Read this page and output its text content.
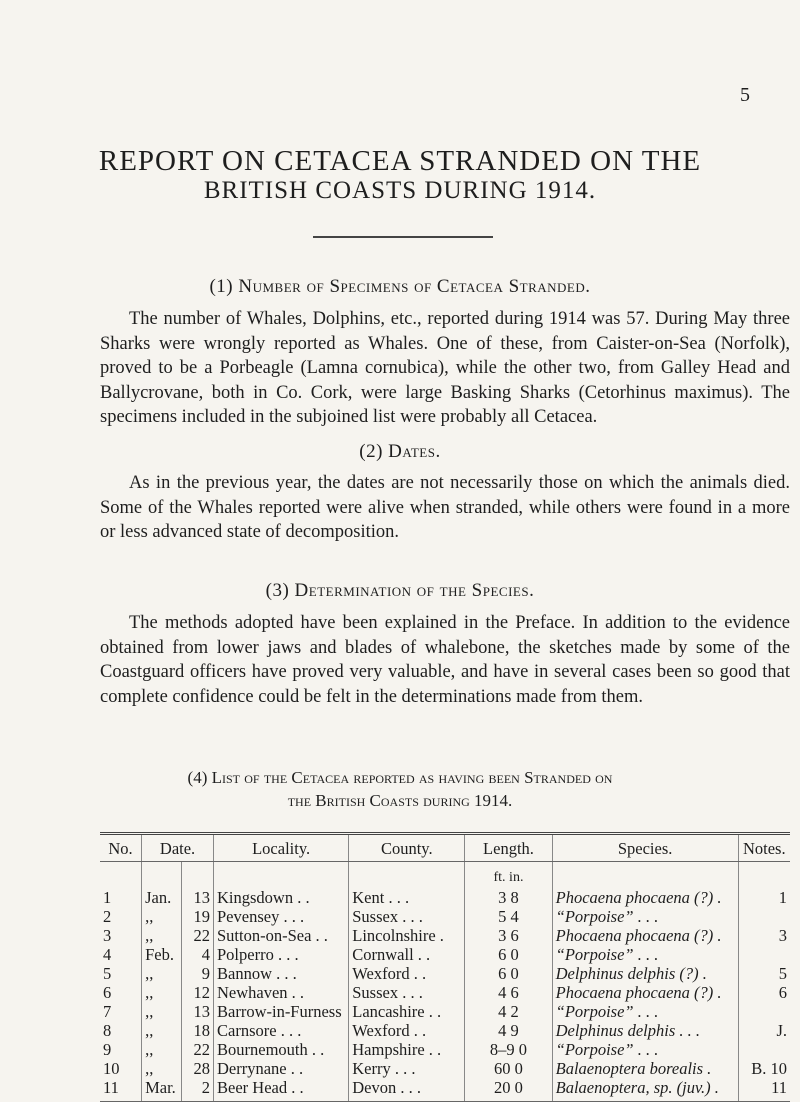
5
REPORT ON CETACEA STRANDED ON THE
BRITISH COASTS DURING 1914.
(1) Number of Specimens of Cetacea Stranded.

The number of Whales, Dolphins, etc., reported during 1914 was 57. During May three Sharks were wrongly reported as Whales. One of these, from Caister-on-Sea (Norfolk), proved to be a Porbeagle (Lamna cornubica), while the other two, from Galley Head and Ballycrovane, both in Co. Cork, were large Basking Sharks (Cetorhinus maximus). The specimens included in the subjoined list were probably all Cetacea.

(2) Dates.

As in the previous year, the dates are not necessarily those on which the animals died. Some of the Whales reported were alive when stranded, while others were found in a more or less advanced state of decomposition.

(3) Determination of the Species.

The methods adopted have been explained in the Preface. In addition to the evidence obtained from lower jaws and blades of whalebone, the sketches made by some of the Coastguard officers have proved very valuable, and have in several cases been so good that complete confidence could be felt in the determinations made from them.

(4) List of the Cetacea reported as having been Stranded on
the British Coasts during 1914.
No.	Date.		Locality.	County.	Length.	Species.	Notes.
					ft. in.		
1	Jan.	13	Kingsdown . .	Kent . . .	3 8	Phocaena phocaena (?) .	1
2	,,	19	Pevensey . . .	Sussex . . .	5 4	“Porpoise” . . .	
3	,,	22	Sutton-on-Sea . .	Lincolnshire .	3 6	Phocaena phocaena (?) .	3
4	Feb.	4	Polperro . . .	Cornwall . .	6 0	“Porpoise” . . .	
5	,,	9	Bannow . . .	Wexford . .	6 0	Delphinus delphis (?) .	5
6	,,	12	Newhaven . .	Sussex . . .	4 6	Phocaena phocaena (?) .	6
7	,,	13	Barrow-in-Furness	Lancashire . .	4 2	“Porpoise” . . .	
8	,,	18	Carnsore . . .	Wexford . .	4 9	Delphinus delphis . . .	J.
9	,,	22	Bournemouth . .	Hampshire . .	8–9 0	“Porpoise” . . .	
10	,,	28	Derrynane . .	Kerry . . .	60 0	Balaenoptera borealis .	B. 10
11	Mar.	2	Beer Head . .	Devon . . .	20 0	Balaenoptera, sp. (juv.) .	11
